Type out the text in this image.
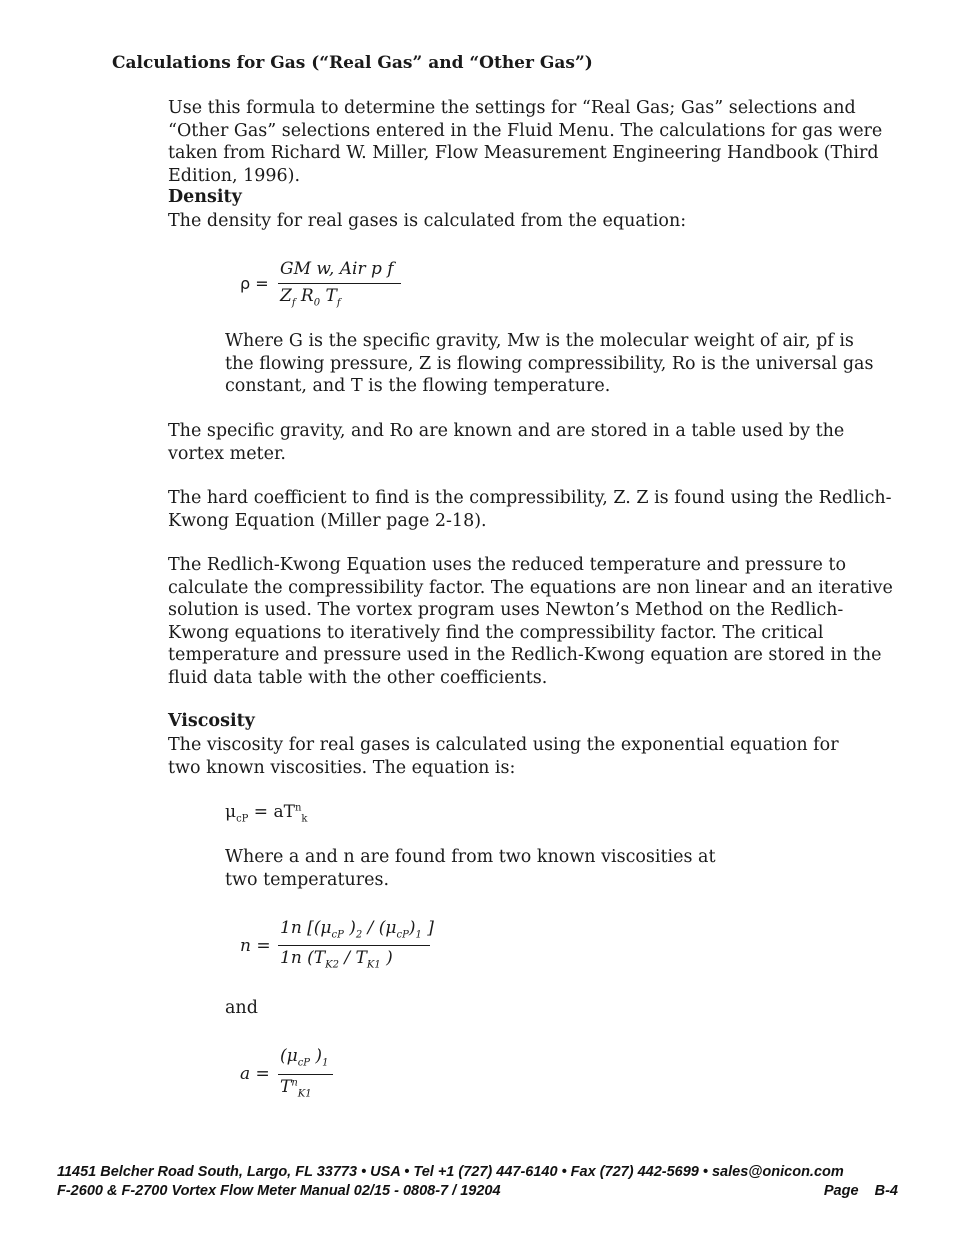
Calculations for Gas (“Real Gas” and “Other Gas”)
Use this formula to determine the settings for “Real Gas; Gas” selections and “Other Gas” selections entered in the Fluid Menu. The calculations for gas were taken from Richard W. Miller, Flow Measurement Engineering Handbook (Third Edition, 1996).
Density
The density for real gases is calculated from the equation:
ρ =
GM w, Air p f
$Z_f$ $R_0$ $T_f$
Where G is the specific gravity, Mw is the molecular weight of air, pf is the flowing pressure, Z is flowing compressibility, Ro is the universal gas constant, and T is the flowing temperature.
The specific gravity, and Ro are known and are stored in a table used by the vortex meter.
The hard coefficient to find is the compressibility, Z. Z is found using the Redlich-Kwong Equation (Miller page 2-18).
The Redlich-Kwong Equation uses the reduced temperature and pressure to calculate the compressibility factor. The equations are non linear and an iterative solution is used. The vortex program uses Newton’s Method on the Redlich-Kwong equations to iteratively find the compressibility factor. The critical temperature and pressure used in the Redlich-Kwong equation are stored in the fluid data table with the other coefficients.
Viscosity
The viscosity for real gases is calculated using the exponential equation for two known viscosities. The equation is:
$\mu_{cP} = aT^n_k$
Where a and n are found from two known viscosities at two temperatures.
n =
1n [($\mu_{cP}$ )$_2 / (\mu_{cP})_1$ ]
1n ($T_{K2} / T_{K1}$ )
and
a =
($\mu_{cP}$ )$_1$
$T^n_{K1}$
11451 Belcher Road South, Largo, FL 33773 • USA • Tel +1 (727) 447-6140 • Fax (727) 442-5699 • sales@onicon.com
F-2600 & F-2700 Vortex Flow Meter Manual 02/15 - 0808-7 / 19204	Page    B-4
